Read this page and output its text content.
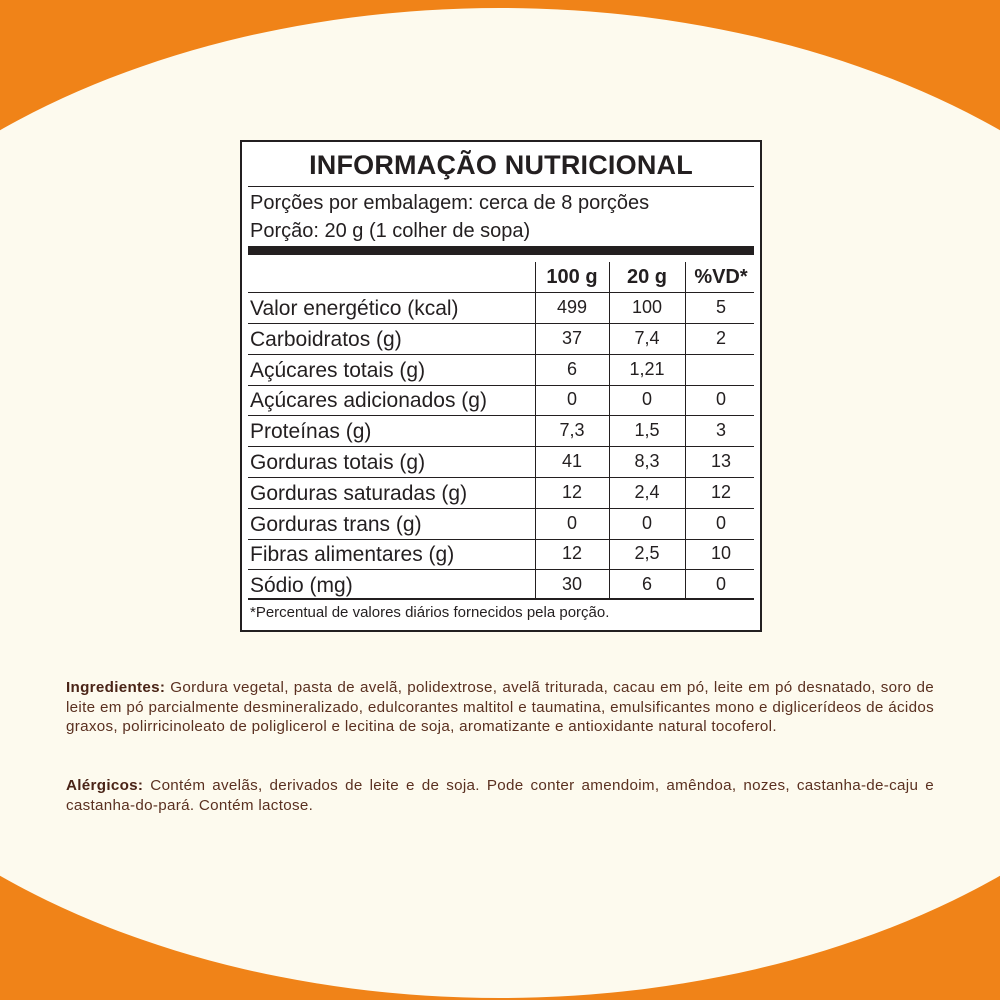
INFORMAÇÃO NUTRICIONAL
Porções por embalagem: cerca de 8 porções
Porção: 20 g (1 colher de sopa)
100 g	20 g	%VD*
Valor energético (kcal)	499	100	5
Carboidratos (g)	37	7,4	2
Açúcares totais (g)	6	1,21
Açúcares adicionados (g)	0	0	0
Proteínas (g)	7,3	1,5	3
Gorduras totais (g)	41	8,3	13
Gorduras saturadas (g)	12	2,4	12
Gorduras trans (g)	0	0	0
Fibras alimentares (g)	12	2,5	10
Sódio (mg)	30	6	0
*Percentual de valores diários fornecidos pela porção.
Ingredientes: Gordura vegetal, pasta de avelã, polidextrose, avelã triturada, cacau em pó, leite em pó desnatado, soro de leite em pó parcialmente desmineralizado, edulcorantes maltitol e taumatina, emulsificantes mono e diglicerídeos de ácidos graxos, polirricinoleato de poliglicerol e lecitina de soja, aromatizante e antioxidante natural tocoferol.
Alérgicos: Contém avelãs, derivados de leite e de soja. Pode conter amendoim, amêndoa, nozes, castanha-de-caju e castanha-do-pará. Contém lactose.
